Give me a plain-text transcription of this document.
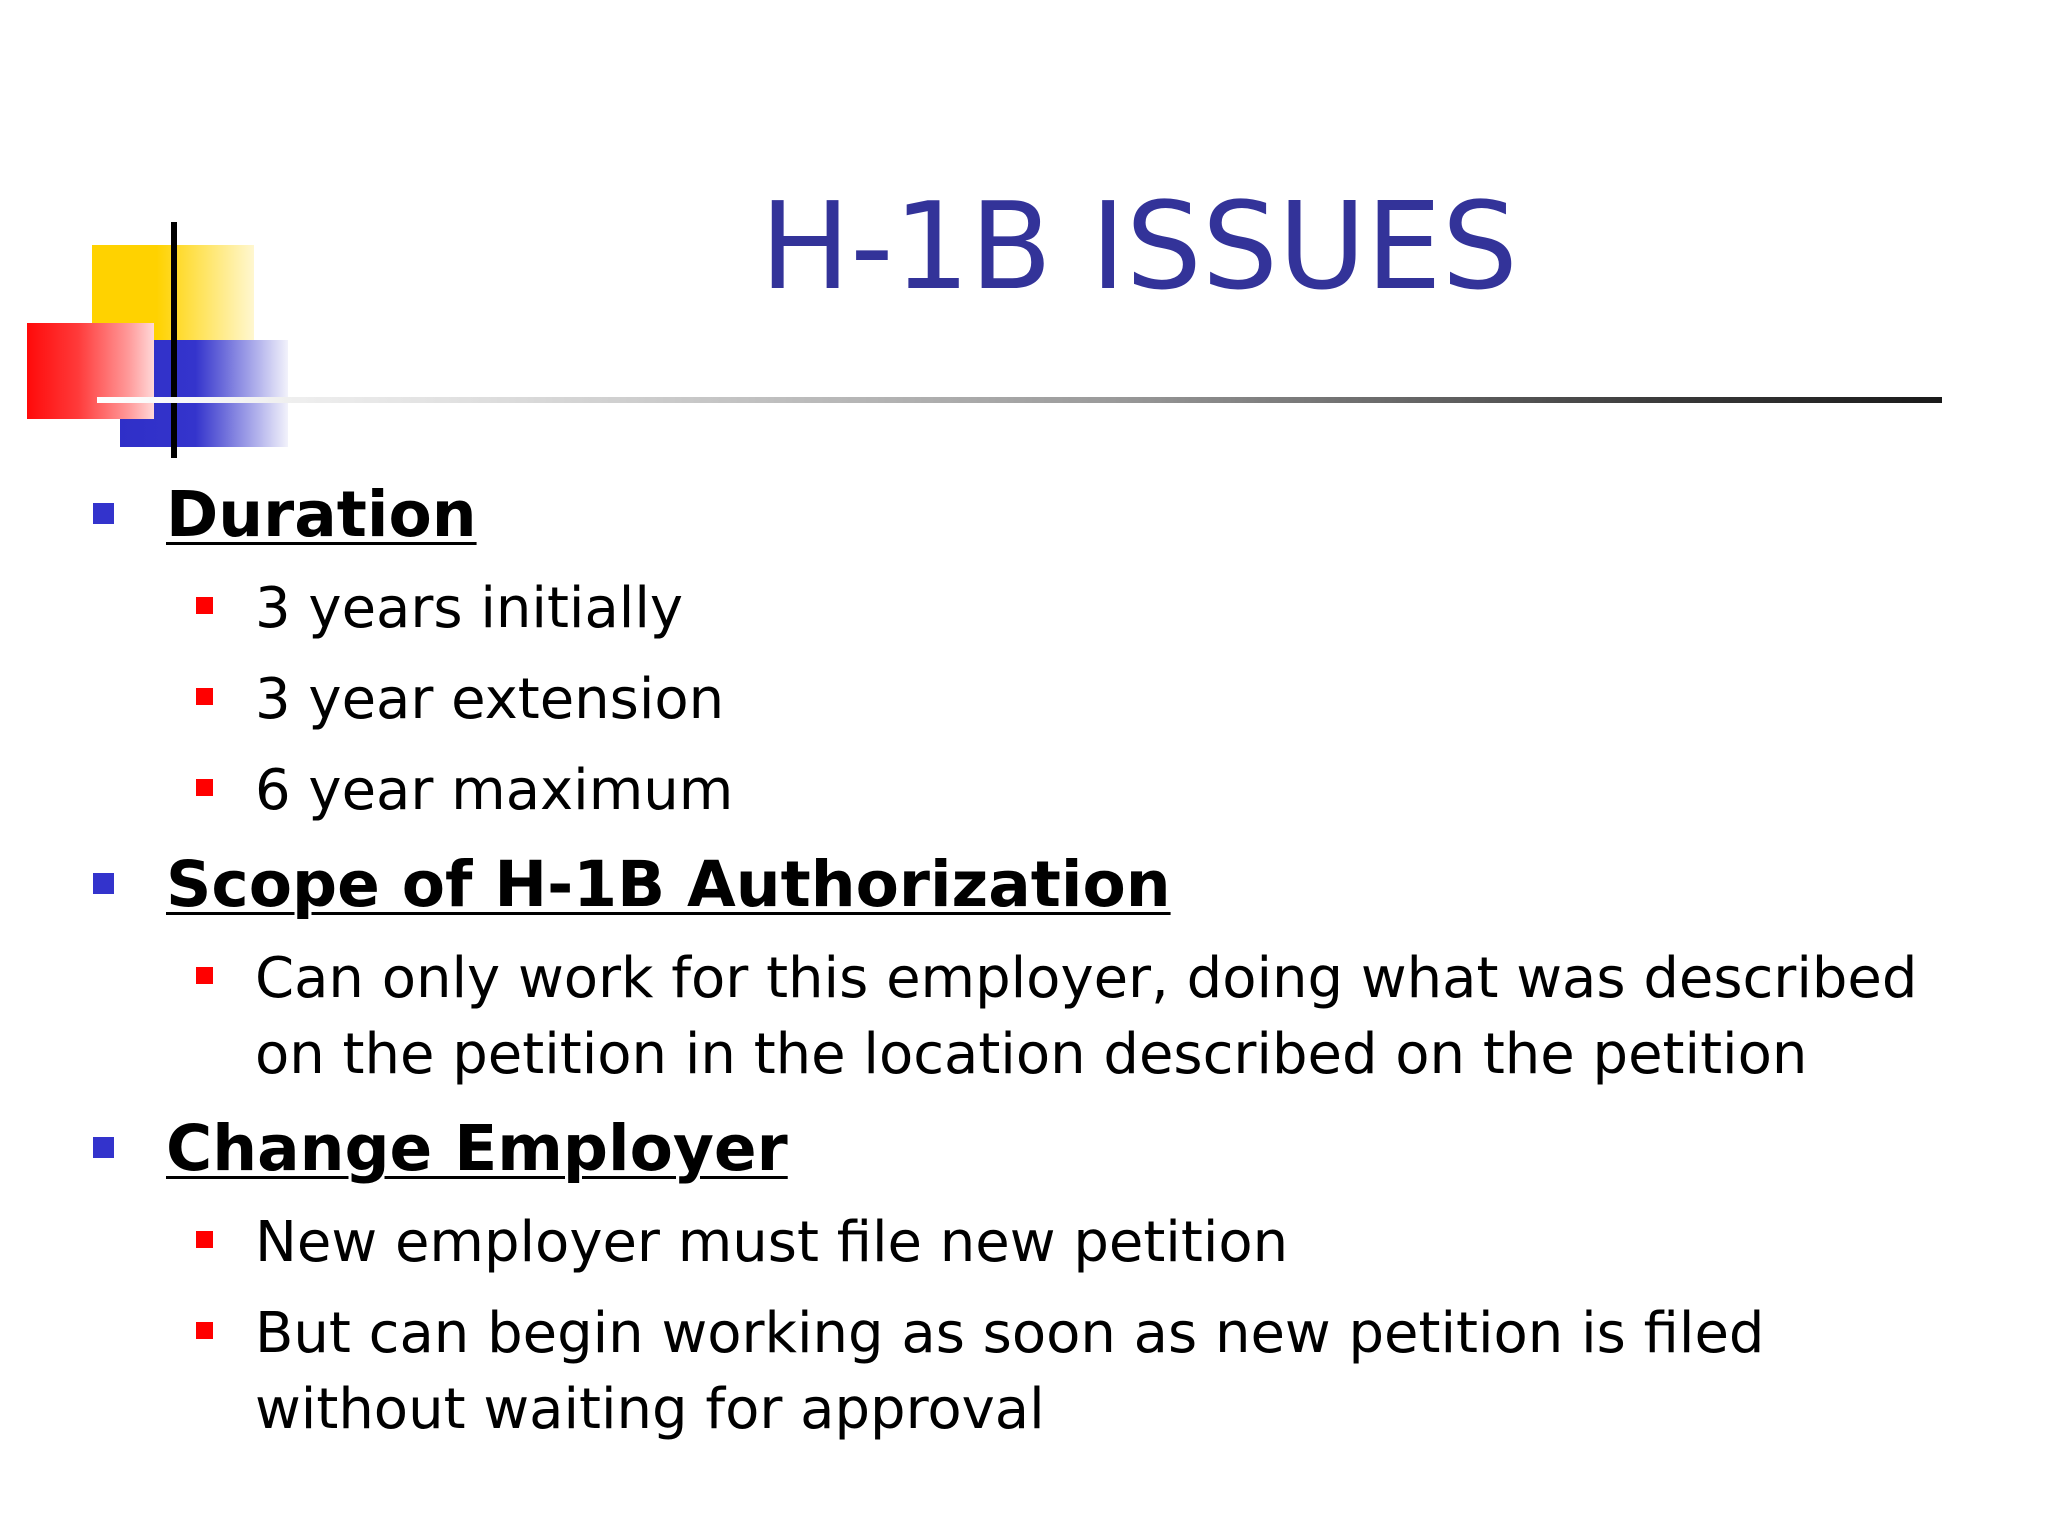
H-1B ISSUES
Duration
3 years initially
3 year extension
6 year maximum
Scope of H-1B Authorization
Can only work for this employer, doing what was described
on the petition in the location described on the petition
Change Employer
New employer must file new petition
But can begin working as soon as new petition is filed
without waiting for approval
